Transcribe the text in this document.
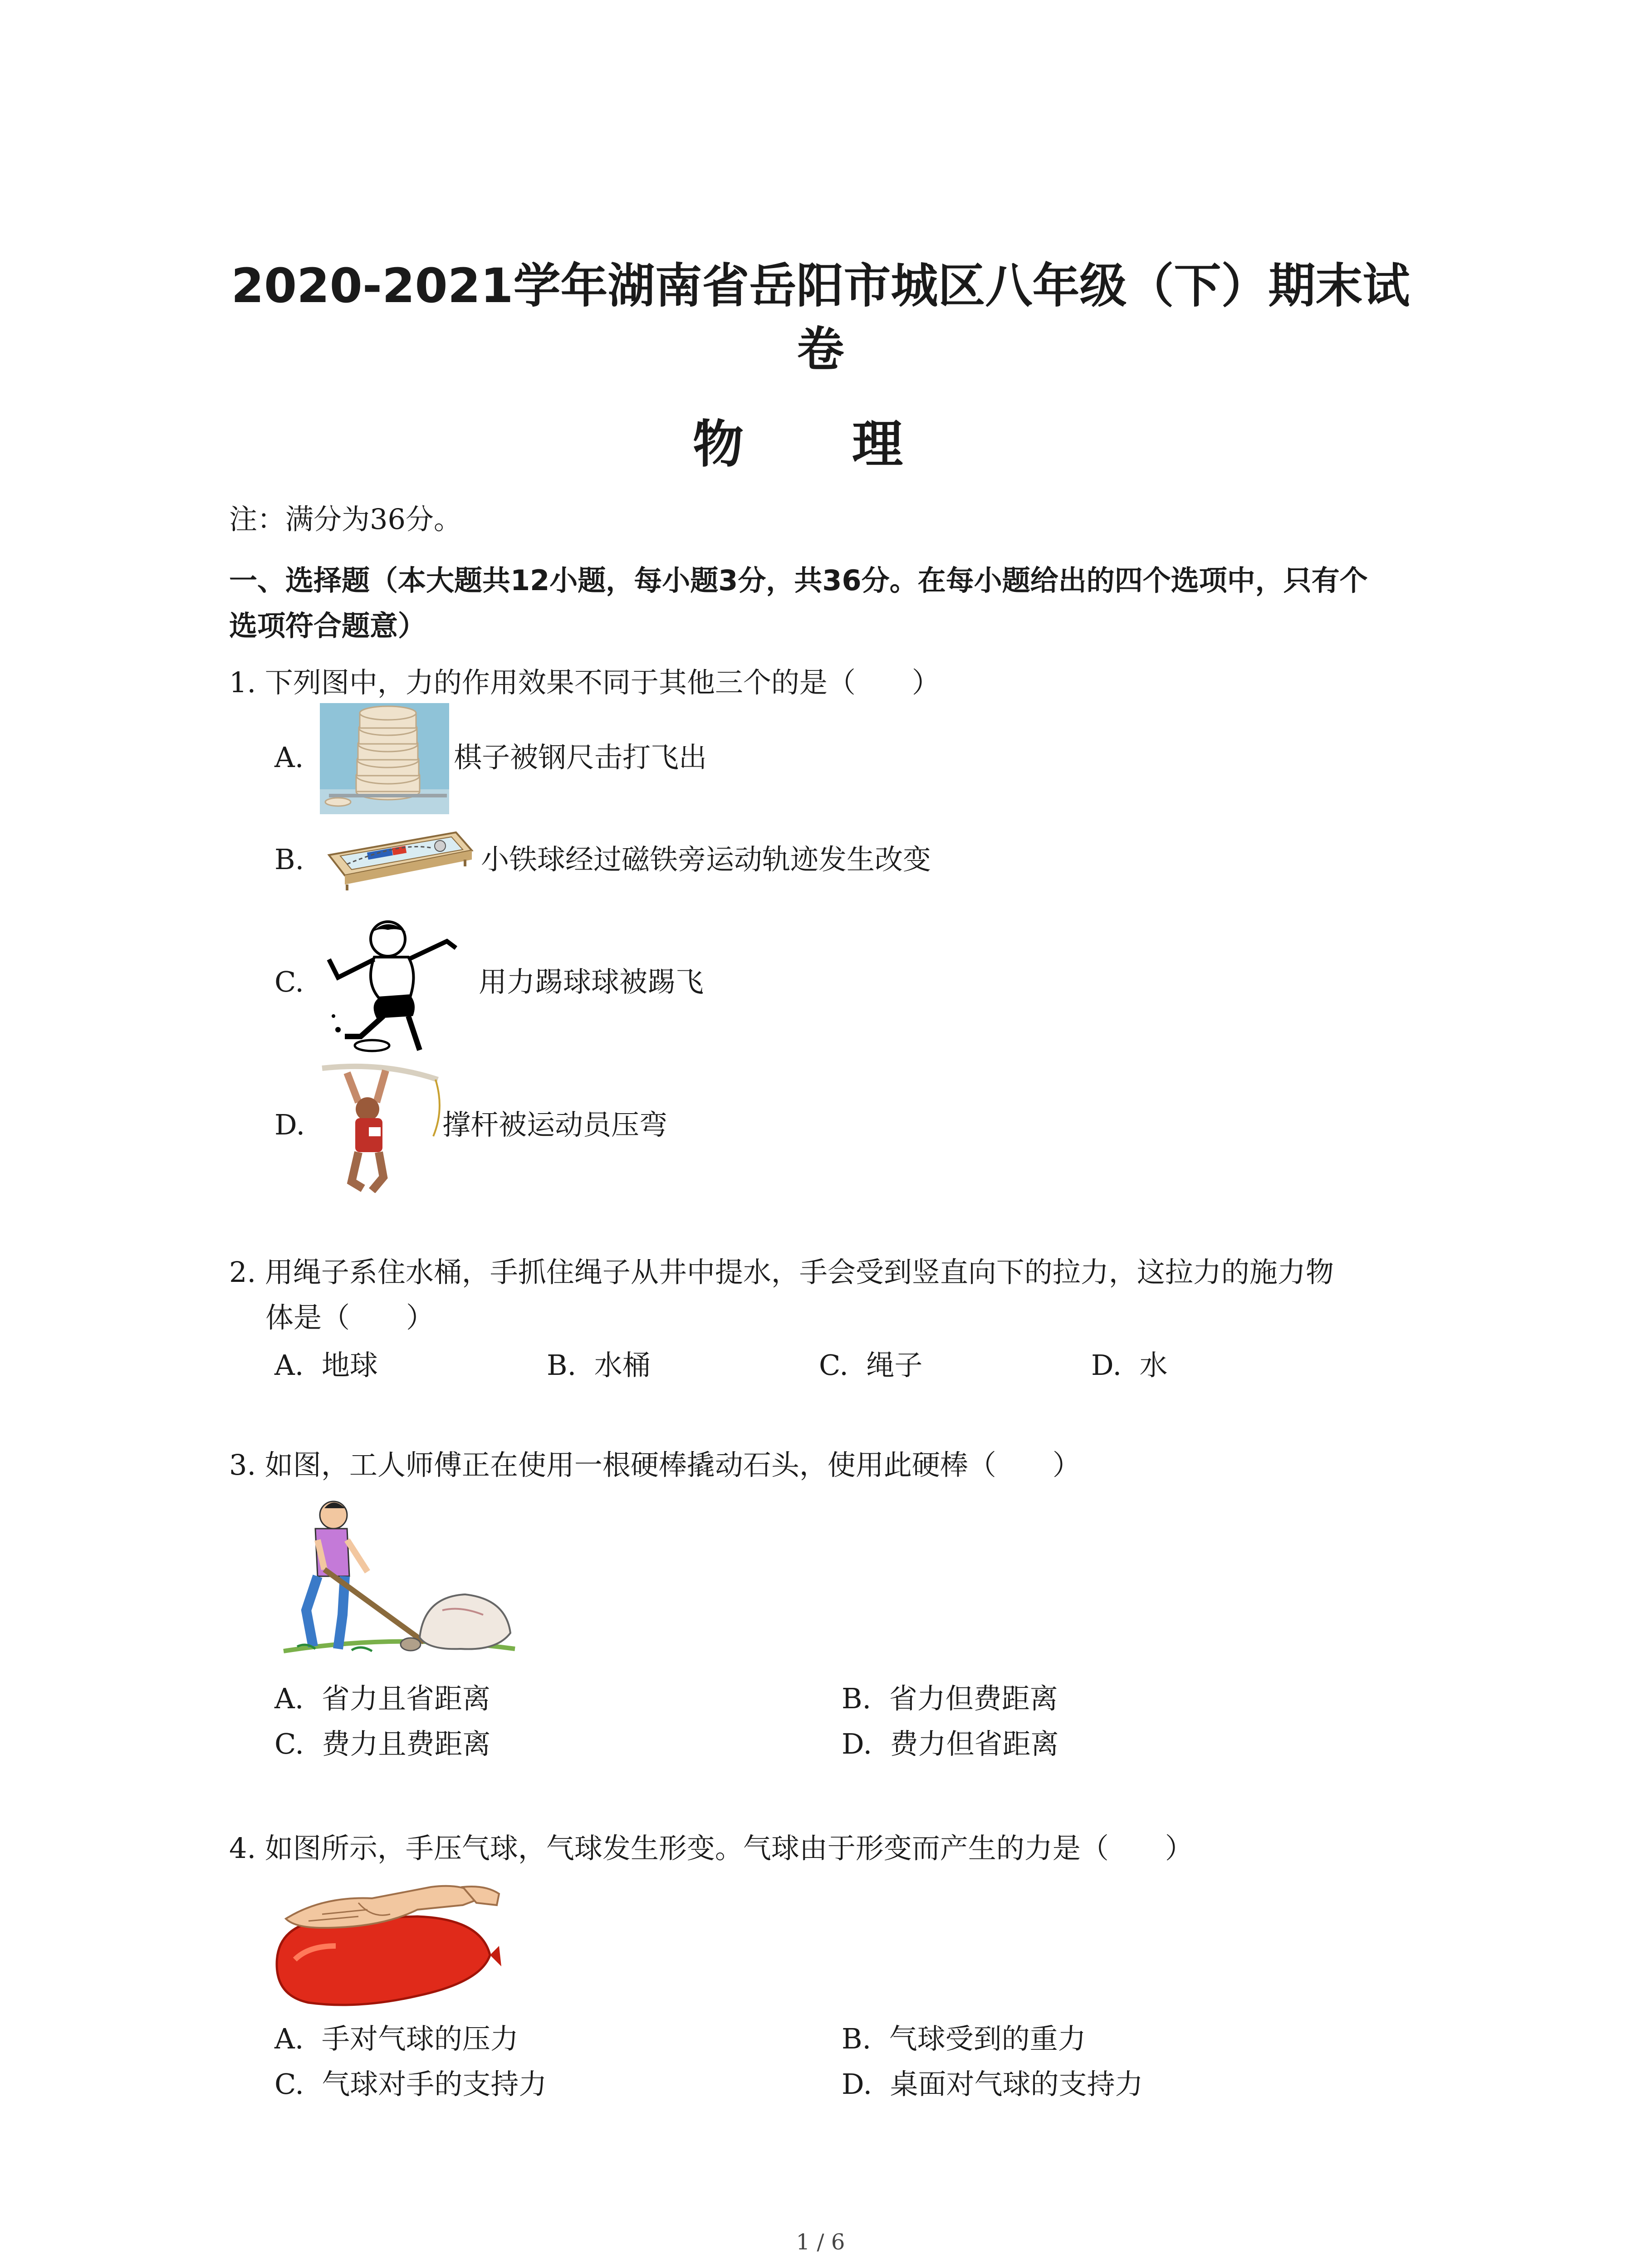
2020-2021学年湖南省岳阳市城区八年级（下）期末试
卷
物 理
注：满分为36分。
一、选择题（本大题共12小题，每小题3分，共36分。在每小题给出的四个选项中，只有个
选项符合题意）
1. 下列图中，力的作用效果不同于其他三个的是（　　）
A.	棋子被钢尺击打飞出
B.	小铁球经过磁铁旁运动轨迹发生改变
C.	用力踢球球被踢飞
D.	撑杆被运动员压弯
2. 用绳子系住水桶，手抓住绳子从井中提水，手会受到竖直向下的拉力，这拉力的施力物
体是（　　）
A. 地球	B. 水桶	C. 绳子	D. 水
3. 如图，工人师傅正在使用一根硬棒撬动石头，使用此硬棒（　　）
A. 省力且省距离	B. 省力但费距离
C. 费力且费距离	D. 费力但省距离
4. 如图所示，手压气球，气球发生形变。气球由于形变而产生的力是（　　）
A. 手对气球的压力	B. 气球受到的重力
C. 气球对手的支持力	D. 桌面对气球的支持力
1 / 6
